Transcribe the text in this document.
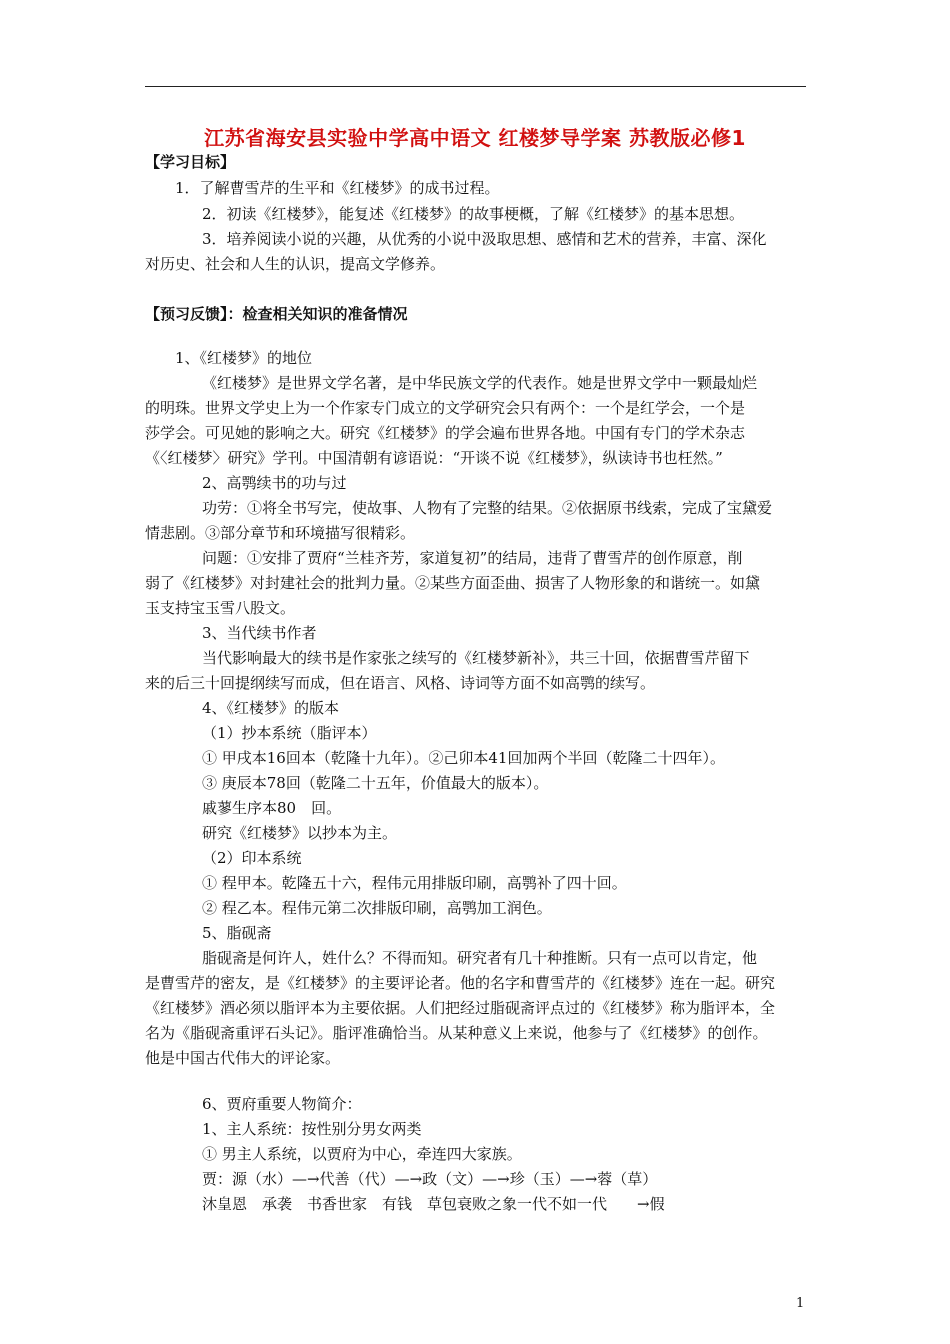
江苏省海安县实验中学高中语文 红楼梦导学案 苏教版必修1
【学习目标】
1．了解曹雪芹的生平和《红楼梦》的成书过程。
2．初读《红楼梦》，能复述《红楼梦》的故事梗概，了解《红楼梦》的基本思想。
3．培养阅读小说的兴趣，从优秀的小说中汲取思想、感情和艺术的营养，丰富、深化
对历史、社会和人生的认识，提高文学修养。
【预习反馈】：检查相关知识的准备情况
1、《红楼梦》的地位
《红楼梦》是世界文学名著，是中华民族文学的代表作。她是世界文学中一颗最灿烂
的明珠。世界文学史上为一个作家专门成立的文学研究会只有两个：一个是红学会，一个是
莎学会。可见她的影响之大。研究《红楼梦》的学会遍布世界各地。中国有专门的学术杂志
《〈红楼梦〉研究》学刊。中国清朝有谚语说：“开谈不说《红楼梦》，纵读诗书也枉然。”
2、高鹗续书的功与过
功劳：①将全书写完，使故事、人物有了完整的结果。②依据原书线索，完成了宝黛爱
情悲剧。③部分章节和环境描写很精彩。
问题：①安排了贾府“兰桂齐芳，家道复初”的结局，违背了曹雪芹的创作原意，削
弱了《红楼梦》对封建社会的批判力量。②某些方面歪曲、损害了人物形象的和谐统一。如黛
玉支持宝玉雪八股文。
3、当代续书作者
当代影响最大的续书是作家张之续写的《红楼梦新补》，共三十回，依据曹雪芹留下
来的后三十回提纲续写而成，但在语言、风格、诗词等方面不如高鹗的续写。
4、《红楼梦》的版本
（1）抄本系统（脂评本）
① 甲戌本16回本（乾隆十九年）。②己卯本41回加两个半回（乾隆二十四年）。
③ 庚辰本78回（乾隆二十五年，价值最大的版本）。
戚蓼生序本80　回。
研究《红楼梦》以抄本为主。
（2）印本系统
① 程甲本。乾隆五十六，程伟元用排版印刷，高鹗补了四十回。
② 程乙本。程伟元第二次排版印刷，高鹗加工润色。
5、脂砚斋
脂砚斋是何许人，姓什么？不得而知。研究者有几十种推断。只有一点可以肯定，他
是曹雪芹的密友，是《红楼梦》的主要评论者。他的名字和曹雪芹的《红楼梦》连在一起。研究
《红楼梦》酒必须以脂评本为主要依据。人们把经过脂砚斋评点过的《红楼梦》称为脂评本，全
名为《脂砚斋重评石头记》。脂评准确恰当。从某种意义上来说，他参与了《红楼梦》的创作。
他是中国古代伟大的评论家。
6、贾府重要人物简介：
1、主人系统：按性别分男女两类
① 男主人系统，以贾府为中心，牵连四大家族。
贾：源（水）—→代善（代）—→政（文）—→珍（玉）—→蓉（草）
沐皇恩　承袭　书香世家　有钱　草包衰败之象一代不如一代　　→假
1
